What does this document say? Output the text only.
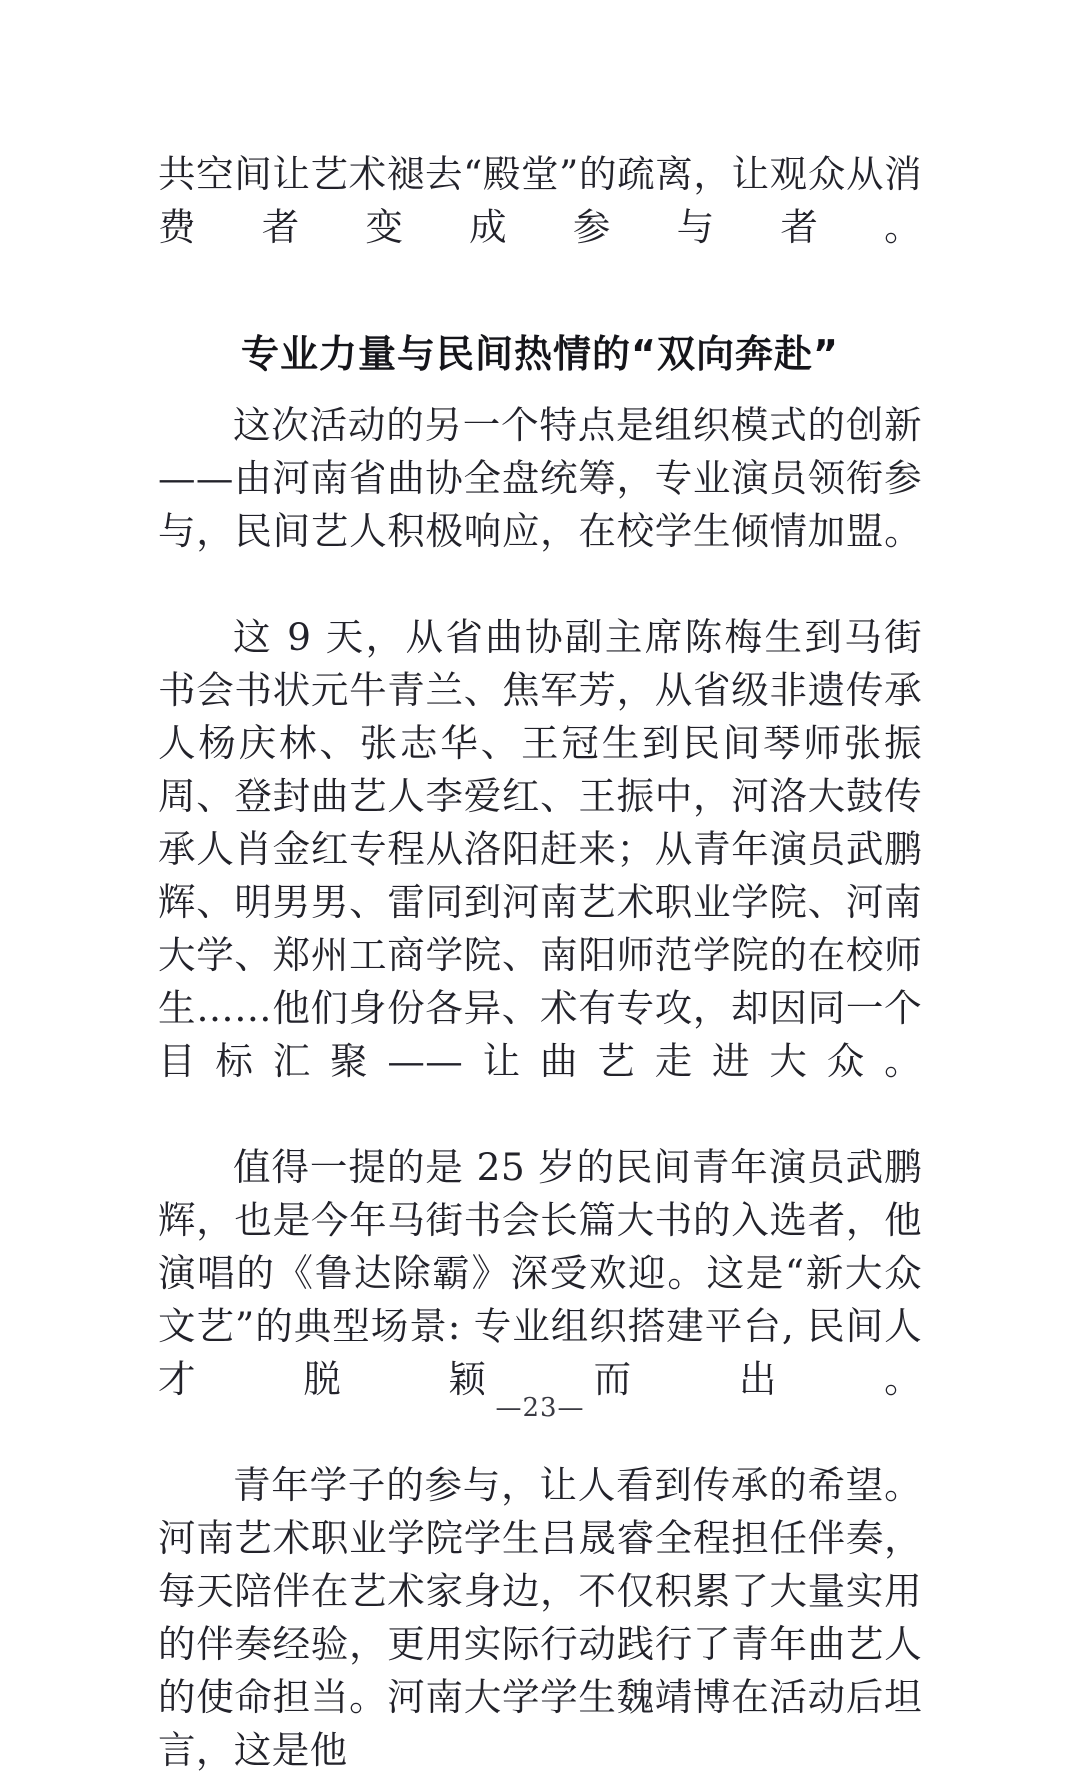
共空间让艺术褪去“殿堂”的疏离，让观众从消费者变成参与者。

专业力量与民间热情的“双向奔赴”

这次活动的另一个特点是组织模式的创新——由河南省曲协全盘统筹，专业演员领衔参与，民间艺人积极响应，在校学生倾情加盟。

这 9 天，从省曲协副主席陈梅生到马街书会书状元牛青兰、焦军芳，从省级非遗传承人杨庆林、张志华、王冠生到民间琴师张振周、登封曲艺人李爱红、王振中，河洛大鼓传承人肖金红专程从洛阳赶来；从青年演员武鹏辉、明男男、雷同到河南艺术职业学院、河南大学、郑州工商学院、南阳师范学院的在校师生……他们身份各异、术有专攻，却因同一个目标汇聚——让曲艺走进大众。

值得一提的是 25 岁的民间青年演员武鹏辉，也是今年马街书会长篇大书的入选者，他演唱的《鲁达除霸》深受欢迎。这是“新大众文艺”的典型场景: 专业组织搭建平台, 民间人才脱颖而出。

青年学子的参与，让人看到传承的希望。河南艺术职业学院学生吕晟睿全程担任伴奏，每天陪伴在艺术家身边，不仅积累了大量实用的伴奏经验，更用实际行动践行了青年曲艺人的使命担当。河南大学学生魏靖博在活动后坦言，这是他

—23—
